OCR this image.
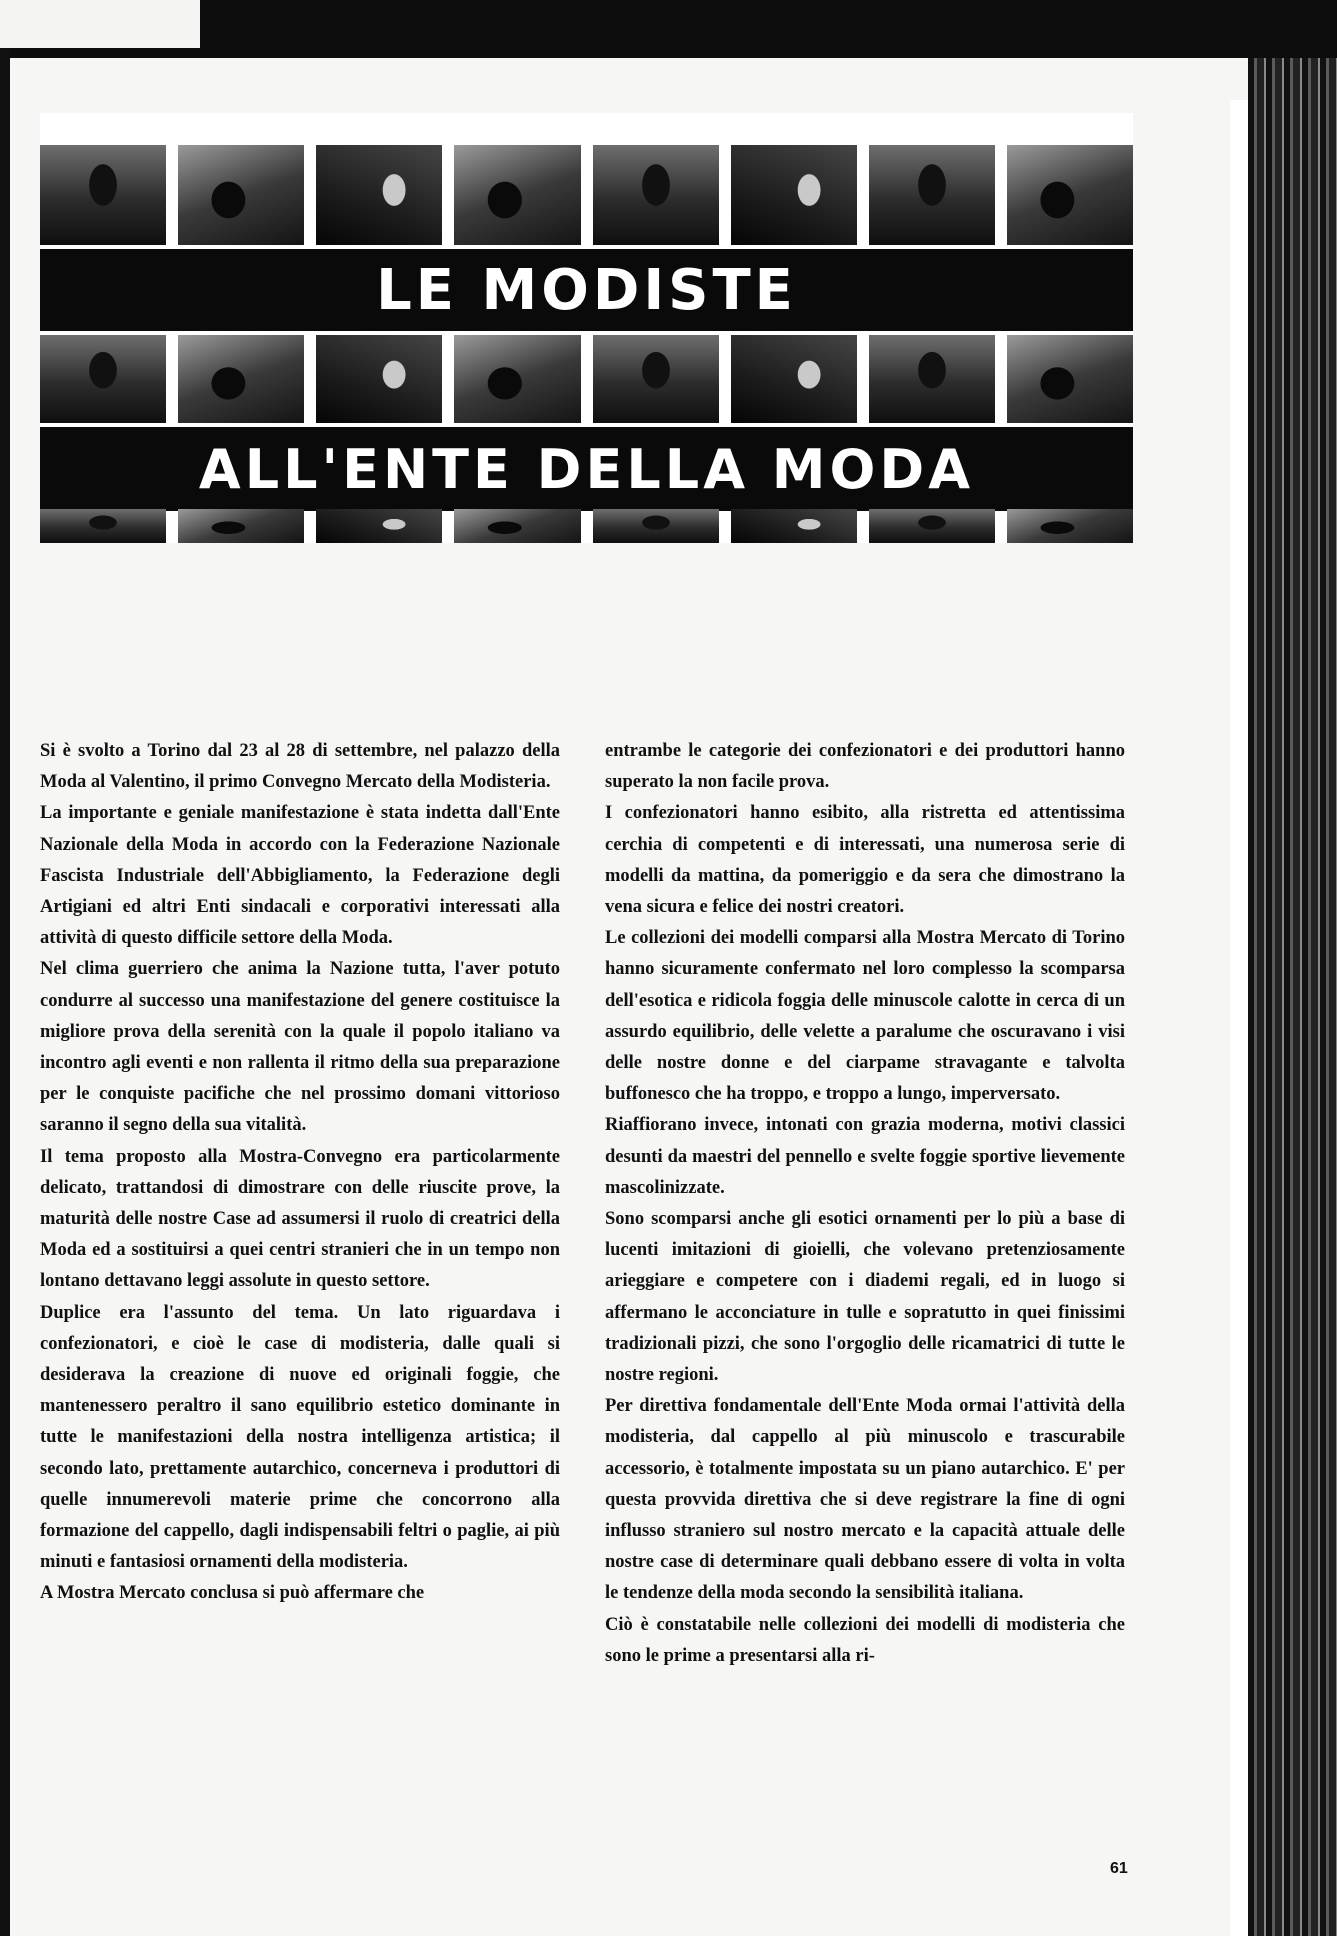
LE MODISTE
ALL'ENTE DELLA MODA

Si è svolto a Torino dal 23 al 28 di settembre, nel palazzo della Moda al Valentino, il primo Convegno Mercato della Modisteria.

La importante e geniale manifestazione è stata indetta dall'Ente Nazionale della Moda in accordo con la Federazione Nazionale Fascista Industriale dell'Abbigliamento, la Federazione degli Artigiani ed altri Enti sindacali e corporativi interessati alla attività di questo difficile settore della Moda.

Nel clima guerriero che anima la Nazione tutta, l'aver potuto condurre al successo una manifestazione del genere costituisce la migliore prova della serenità con la quale il popolo italiano va incontro agli eventi e non rallenta il ritmo della sua preparazione per le conquiste pacifiche che nel prossimo domani vittorioso saranno il segno della sua vitalità.

Il tema proposto alla Mostra-Convegno era particolarmente delicato, trattandosi di dimostrare con delle riuscite prove, la maturità delle nostre Case ad assumersi il ruolo di creatrici della Moda ed a sostituirsi a quei centri stranieri che in un tempo non lontano dettavano leggi assolute in questo settore.

Duplice era l'assunto del tema. Un lato riguardava i confezionatori, e cioè le case di modisteria, dalle quali si desiderava la creazione di nuove ed originali foggie, che mantenessero peraltro il sano equilibrio estetico dominante in tutte le manifestazioni della nostra intelligenza artistica; il secondo lato, prettamente autarchico, concerneva i produttori di quelle innumerevoli materie prime che concorrono alla formazione del cappello, dagli indispensabili feltri o paglie, ai più minuti e fantasiosi ornamenti della modisteria.

A Mostra Mercato conclusa si può affermare che

entrambe le categorie dei confezionatori e dei produttori hanno superato la non facile prova.

I confezionatori hanno esibito, alla ristretta ed attentissima cerchia di competenti e di interessati, una numerosa serie di modelli da mattina, da pomeriggio e da sera che dimostrano la vena sicura e felice dei nostri creatori.

Le collezioni dei modelli comparsi alla Mostra Mercato di Torino hanno sicuramente confermato nel loro complesso la scomparsa dell'esotica e ridicola foggia delle minuscole calotte in cerca di un assurdo equilibrio, delle velette a paralume che oscuravano i visi delle nostre donne e del ciarpame stravagante e talvolta buffonesco che ha troppo, e troppo a lungo, imperversato.

Riaffiorano invece, intonati con grazia moderna, motivi classici desunti da maestri del pennello e svelte foggie sportive lievemente mascolinizzate.

Sono scomparsi anche gli esotici ornamenti per lo più a base di lucenti imitazioni di gioielli, che volevano pretenziosamente arieggiare e competere con i diademi regali, ed in luogo si affermano le acconciature in tulle e sopratutto in quei finissimi tradizionali pizzi, che sono l'orgoglio delle ricamatrici di tutte le nostre regioni.

Per direttiva fondamentale dell'Ente Moda ormai l'attività della modisteria, dal cappello al più minuscolo e trascurabile accessorio, è totalmente impostata su un piano autarchico. E' per questa provvida direttiva che si deve registrare la fine di ogni influsso straniero sul nostro mercato e la capacità attuale delle nostre case di determinare quali debbano essere di volta in volta le tendenze della moda secondo la sensibilità italiana.

Ciò è constatabile nelle collezioni dei modelli di modisteria che sono le prime a presentarsi alla ri-

61
